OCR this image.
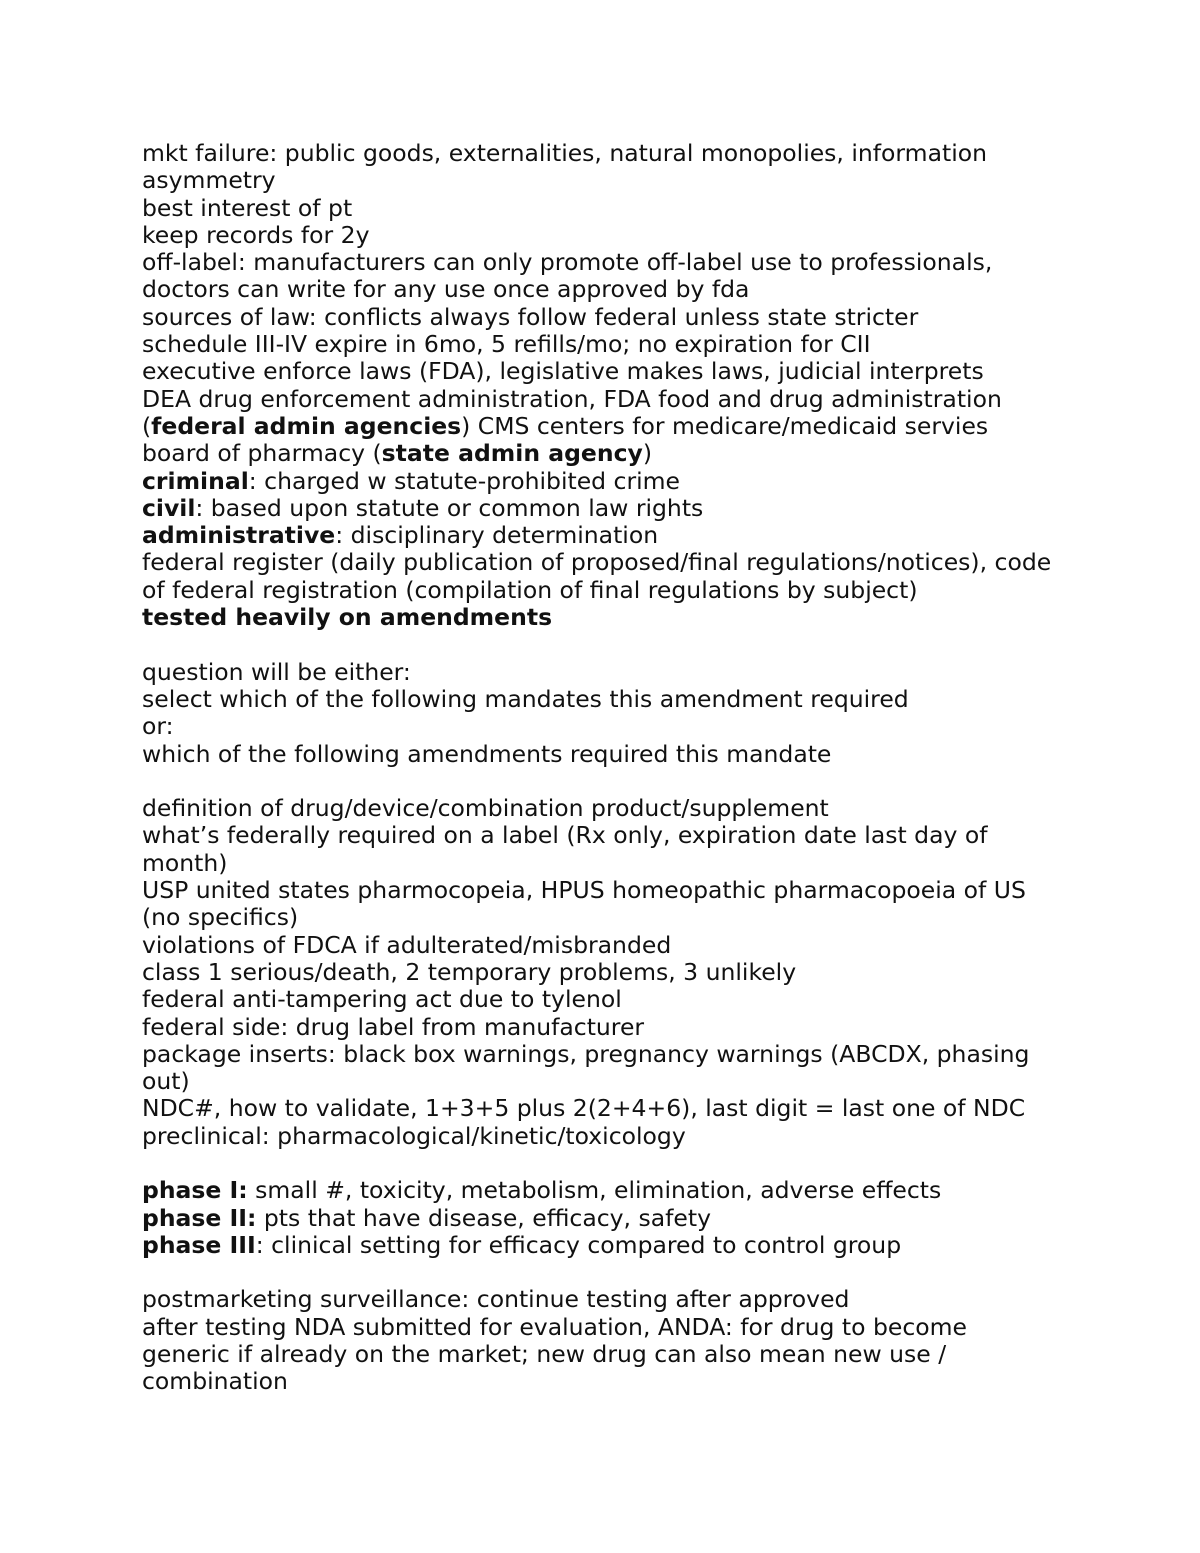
mkt failure: public goods, externalities, natural monopolies, information
asymmetry
best interest of pt
keep records for 2y
off-label: manufacturers can only promote off-label use to professionals,
doctors can write for any use once approved by fda
sources of law: conflicts always follow federal unless state stricter
schedule III-IV expire in 6mo, 5 refills/mo; no expiration for CII
executive enforce laws (FDA), legislative makes laws, judicial interprets
DEA drug enforcement administration, FDA food and drug administration
(federal admin agencies) CMS centers for medicare/medicaid servies
board of pharmacy (state admin agency)
criminal: charged w statute-prohibited crime
civil: based upon statute or common law rights
administrative: disciplinary determination
federal register (daily publication of proposed/final regulations/notices), code
of federal registration (compilation of final regulations by subject)
tested heavily on amendments
question will be either:
select which of the following mandates this amendment required
or:
which of the following amendments required this mandate
definition of drug/device/combination product/supplement
what’s federally required on a label (Rx only, expiration date last day of
month)
USP united states pharmocopeia, HPUS homeopathic pharmacopoeia of US
(no specifics)
violations of FDCA if adulterated/misbranded
class 1 serious/death, 2 temporary problems, 3 unlikely
federal anti-tampering act due to tylenol
federal side: drug label from manufacturer
package inserts: black box warnings, pregnancy warnings (ABCDX, phasing
out)
NDC#, how to validate, 1+3+5 plus 2(2+4+6), last digit = last one of NDC
preclinical: pharmacological/kinetic/toxicology
phase I: small #, toxicity, metabolism, elimination, adverse effects
phase II: pts that have disease, efficacy, safety
phase III: clinical setting for efficacy compared to control group
postmarketing surveillance: continue testing after approved
after testing NDA submitted for evaluation, ANDA: for drug to become
generic if already on the market; new drug can also mean new use /
combination
